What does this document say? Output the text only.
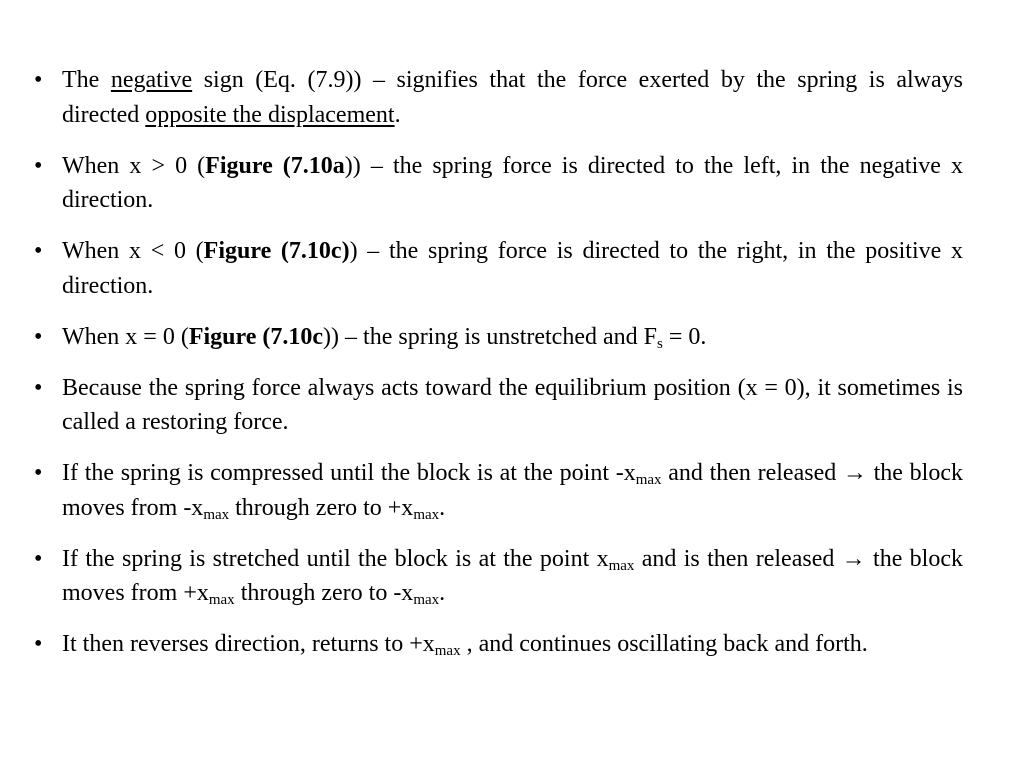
• The negative sign (Eq. (7.9)) – signifies that the force exerted by the spring is always directed opposite the displacement.
• When x > 0 (Figure (7.10a)) – the spring force is directed to the left, in the negative x direction.
• When x < 0 (Figure (7.10c)) – the spring force is directed to the right, in the positive x direction.
• When x = 0 (Figure (7.10c)) – the spring is unstretched and $F_s = 0$.
• Because the spring force always acts toward the equilibrium position (x = 0), it sometimes is called a restoring force.
• If the spring is compressed until the block is at the point $-x_{max}$ and then released → the block moves from $-x_{max}$ through zero to $+x_{max}$.
• If the spring is stretched until the block is at the point $x_{max}$ and is then released → the block moves from $+x_{max}$ through zero to $-x_{max}$.
• It then reverses direction, returns to $+x_{max}$ , and continues oscillating back and forth.
